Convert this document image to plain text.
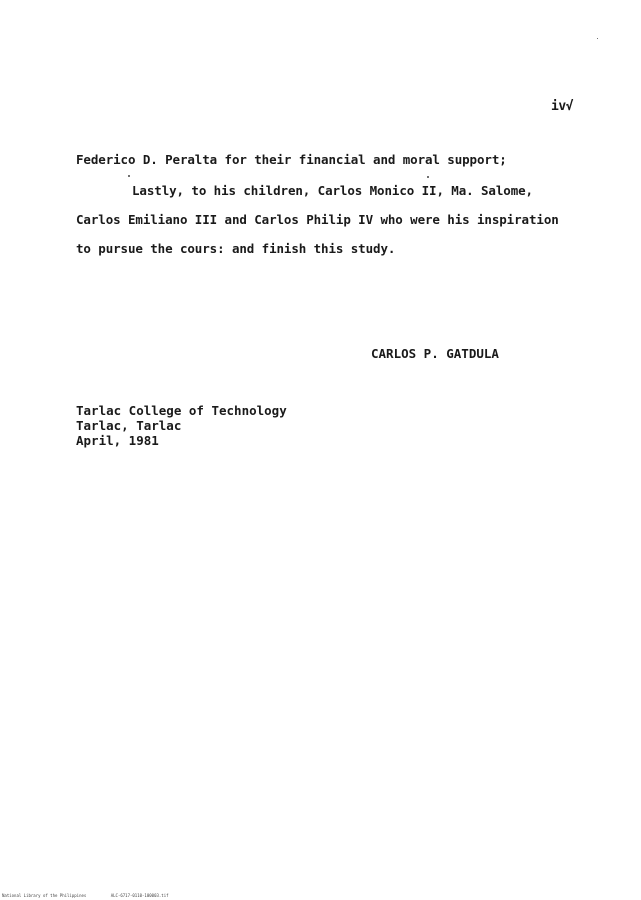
iv√
Federico D. Peralta for their financial and moral support;
Lastly, to his children, Carlos Monico II, Ma. Salome,
Carlos Emiliano III and Carlos Philip IV who were his inspiration
to pursue the cours: and finish this study.
CARLOS P. GATDULA
Tarlac College of Technology
Tarlac, Tarlac
April, 1981
National Library of the Philippines	ALC-6717-0110-100003.tif
